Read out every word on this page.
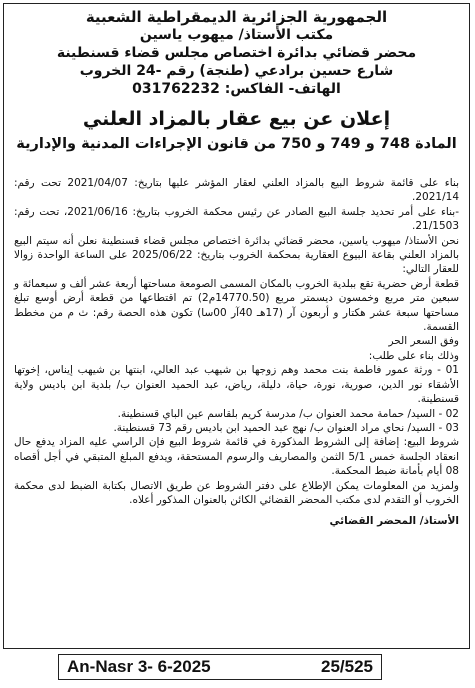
الجمهورية الجزائرية الديمقراطية الشعبية
مكتب الأستاذ/ ميهوب ياسين
محضر قضائي بدائرة اختصاص مجلس قضاء قسنطينة
شارع حسين برادعي (طنجة) رقم -24 الخروب
الهاتف- الفاكس: 031762232
إعلان عن بيع عقار بالمزاد العلني
المادة 748 و 749 و 750 من قانون الإجراءات المدنية والإدارية

بناء على قائمة شروط البيع بالمزاد العلني لعقار المؤشر عليها بتاريخ: 2021/04/07 تحت رقم: 2021/14.

-بناء على أمر تحديد جلسة البيع الصادر عن رئيس محكمة الخروب بتاريخ: 2021/06/16، تحت رقم: 21/1503.

نحن الأستاذ/ ميهوب ياسين، محضر قضائي بدائرة اختصاص مجلس قضاء قسنطينة نعلن أنه سيتم البيع بالمزاد العلني بقاعة البيوع العقارية بمحكمة الخروب بتاريخ: 2025/06/22 على الساعة الواحدة زوالا للعقار التالي:

قطعة أرض حضرية تقع ببلدية الخروب بالمكان المسمى الصومعة مساحتها أربعة عشر ألف و سبعمائة و سبعين متر مربع وخمسون ديسمتر مربع (14770.50م2) تم اقتطاعها من قطعة أرض أوسع تبلغ مساحتها سبعة عشر هكتار و أربعون آر (17هـ 40آر 00سا) تكون هذه الحصة رقم: ث م من مخطط القسمة.

وفق السعر الحر

وذلك بناء على طلب:

01 - ورثة عمور فاطمة بنت محمد وهم زوجها بن شيهب عبد العالي، ابنتها بن شيهب إيناس، إخوتها الأشقاء نور الدين، صورية، نورة، حياة، دليلة، رياض، عبد الحميد العنوان ب/ بلدية ابن باديس ولاية قسنطينة.

02 - السيد/ حمامة محمد العنوان ب/ مدرسة كريم بلقاسم عين الباي قسنطينة.

03 - السيد/ نحاي مراد العنوان ب/ نهج عبد الحميد ابن باديس رقم 73 قسنطينة.

شروط البيع: إضافة إلى الشروط المذكورة في قائمة شروط البيع فإن الراسي عليه المزاد يدفع حال انعقاد الجلسة خمس 5/1 الثمن والمصاريف والرسوم المستحقة، ويدفع المبلغ المتبقي في أجل أقصاه 08 أيام بأمانة ضبط المحكمة.

ولمزيد من المعلومات يمكن الإطلاع على دفتر الشروط عن طريق الاتصال بكتابة الضبط لدى محكمة الخروب أو التقدم لدى مكتب المحضر القضائي الكائن بالعنوان المذكور أعلاه.

الأستاذ/ المحضر القضائي
An-Nasr 3- 6-2025	25/525
